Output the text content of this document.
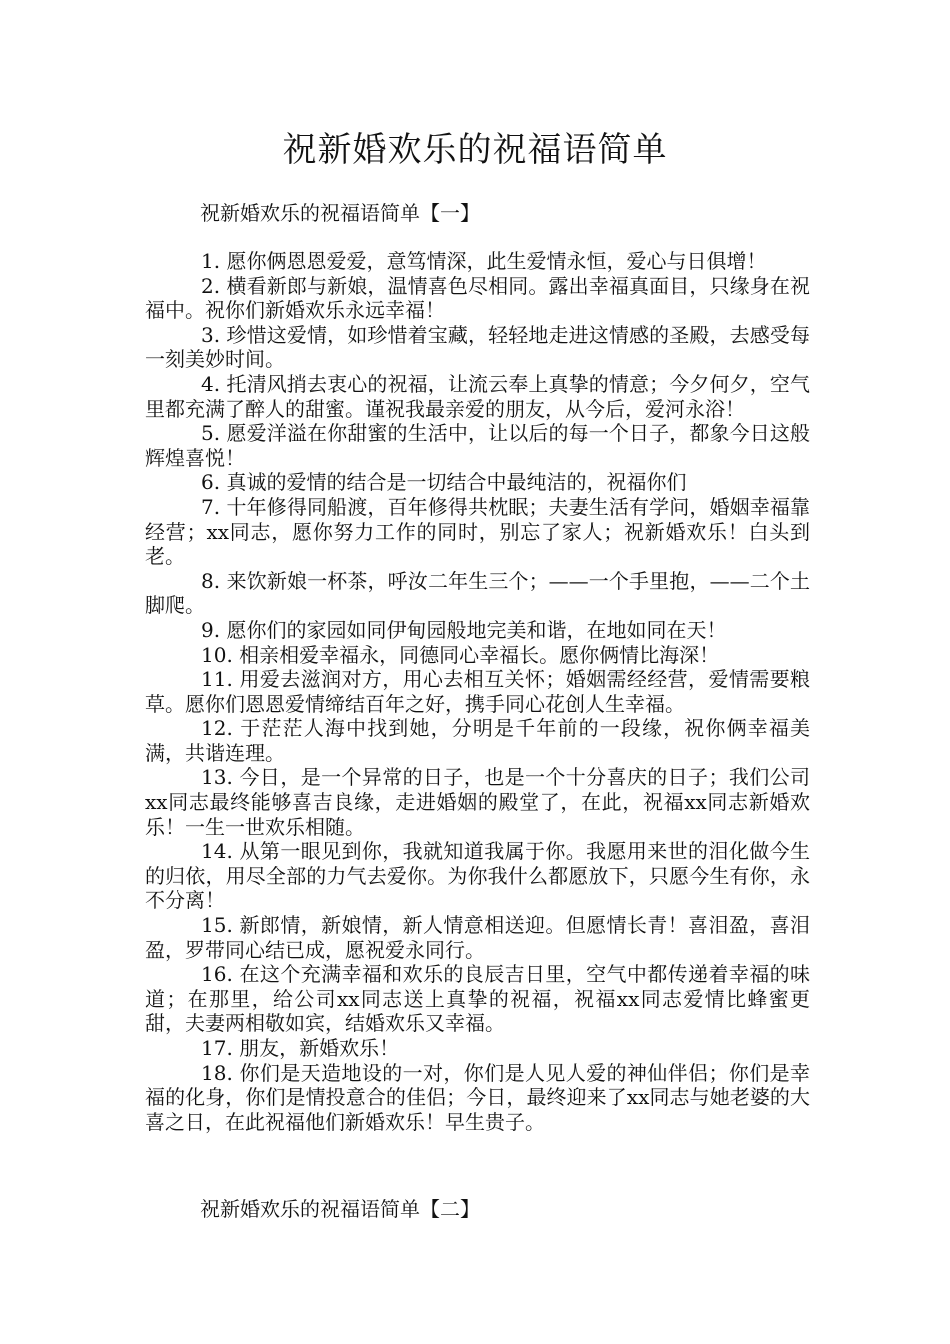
祝新婚欢乐的祝福语简单
祝新婚欢乐的祝福语简单【一】

1. 愿你俩恩恩爱爱，意笃情深，此生爱情永恒，爱心与日俱增！

2. 横看新郎与新娘，温情喜色尽相同。露出幸福真面目，只缘身在祝福中。祝你们新婚欢乐永远幸福！

3. 珍惜这爱情，如珍惜着宝藏，轻轻地走进这情感的圣殿，去感受每一刻美妙时间。

4. 托清风捎去衷心的祝福，让流云奉上真挚的情意；今夕何夕，空气里都充满了醉人的甜蜜。谨祝我最亲爱的朋友，从今后，爱河永浴！

5. 愿爱洋溢在你甜蜜的生活中，让以后的每一个日子，都象今日这般辉煌喜悦！

6. 真诚的爱情的结合是一切结合中最纯洁的，祝福你们

7. 十年修得同船渡，百年修得共枕眠；夫妻生活有学问，婚姻幸福靠经营；xx同志，愿你努力工作的同时，别忘了家人；祝新婚欢乐！白头到老。

8. 来饮新娘一杯茶，呼汝二年生三个；——一个手里抱，——二个土脚爬。

9. 愿你们的家园如同伊甸园般地完美和谐，在地如同在天！

10. 相亲相爱幸福永，同德同心幸福长。愿你俩情比海深！

11. 用爱去滋润对方，用心去相互关怀；婚姻需经经营，爱情需要粮草。愿你们恩恩爱情缔结百年之好，携手同心花创人生幸福。

12. 于茫茫人海中找到她，分明是千年前的一段缘，祝你俩幸福美满，共谐连理。

13. 今日，是一个异常的日子，也是一个十分喜庆的日子；我们公司xx同志最终能够喜吉良缘，走进婚姻的殿堂了，在此，祝福xx同志新婚欢乐！一生一世欢乐相随。

14. 从第一眼见到你，我就知道我属于你。我愿用来世的泪化做今生的归依，用尽全部的力气去爱你。为你我什么都愿放下，只愿今生有你，永不分离！

15. 新郎情，新娘情，新人情意相送迎。但愿情长青！喜泪盈，喜泪盈，罗带同心结已成，愿祝爱永同行。

16. 在这个充满幸福和欢乐的良辰吉日里，空气中都传递着幸福的味道；在那里，给公司xx同志送上真挚的祝福，祝福xx同志爱情比蜂蜜更甜，夫妻两相敬如宾，结婚欢乐又幸福。

17. 朋友，新婚欢乐！

18. 你们是天造地设的一对，你们是人见人爱的神仙伴侣；你们是幸福的化身，你们是情投意合的佳侣；今日，最终迎来了xx同志与她老婆的大喜之日，在此祝福他们新婚欢乐！早生贵子。

祝新婚欢乐的祝福语简单【二】
